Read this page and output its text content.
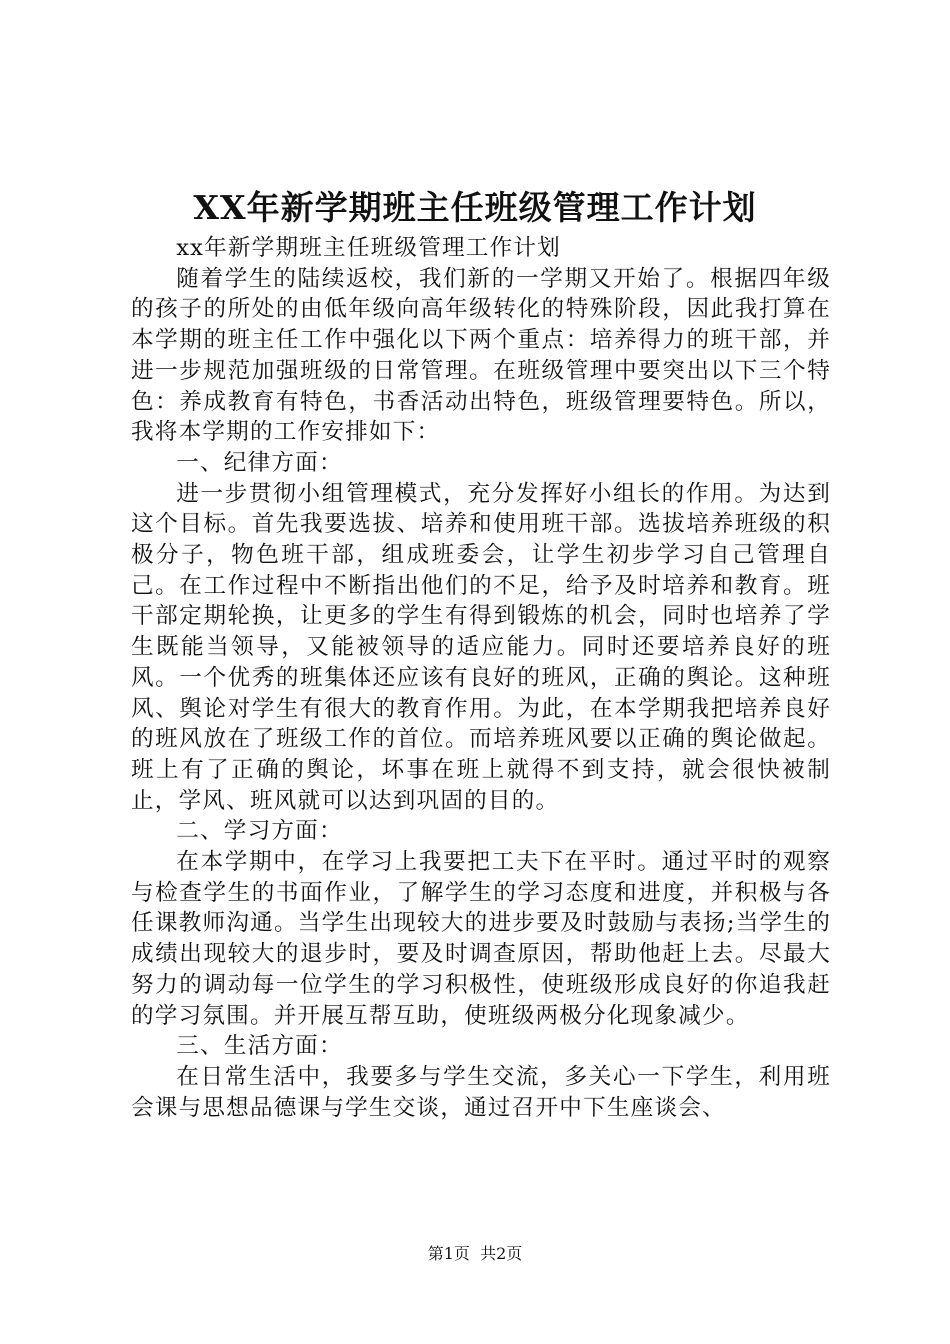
XX年新学期班主任班级管理工作计划

xx年新学期班主任班级管理工作计划

随着学生的陆续返校，我们新的一学期又开始了。根据四年级的孩子的所处的由低年级向高年级转化的特殊阶段，因此我打算在本学期的班主任工作中强化以下两个重点：培养得力的班干部，并进一步规范加强班级的日常管理。在班级管理中要突出以下三个特色：养成教育有特色，书香活动出特色，班级管理要特色。所以，我将本学期的工作安排如下：

一、纪律方面：

进一步贯彻小组管理模式，充分发挥好小组长的作用。为达到这个目标。首先我要选拔、培养和使用班干部。选拔培养班级的积极分子，物色班干部，组成班委会，让学生初步学习自己管理自己。在工作过程中不断指出他们的不足，给予及时培养和教育。班干部定期轮换，让更多的学生有得到锻炼的机会，同时也培养了学生既能当领导，又能被领导的适应能力。同时还要培养良好的班风。一个优秀的班集体还应该有良好的班风，正确的舆论。这种班风、舆论对学生有很大的教育作用。为此，在本学期我把培养良好的班风放在了班级工作的首位。而培养班风要以正确的舆论做起。班上有了正确的舆论，坏事在班上就得不到支持，就会很快被制止，学风、班风就可以达到巩固的目的。

二、学习方面：

在本学期中，在学习上我要把工夫下在平时。通过平时的观察与检查学生的书面作业，了解学生的学习态度和进度，并积极与各任课教师沟通。当学生出现较大的进步要及时鼓励与表扬;当学生的成绩出现较大的退步时，要及时调查原因，帮助他赶上去。尽最大努力的调动每一位学生的学习积极性，使班级形成良好的你追我赶的学习氛围。并开展互帮互助，使班级两极分化现象减少。

三、生活方面：

在日常生活中，我要多与学生交流，多关心一下学生，利用班会课与思想品德课与学生交谈，通过召开中下生座谈会、

第1页  共2页
